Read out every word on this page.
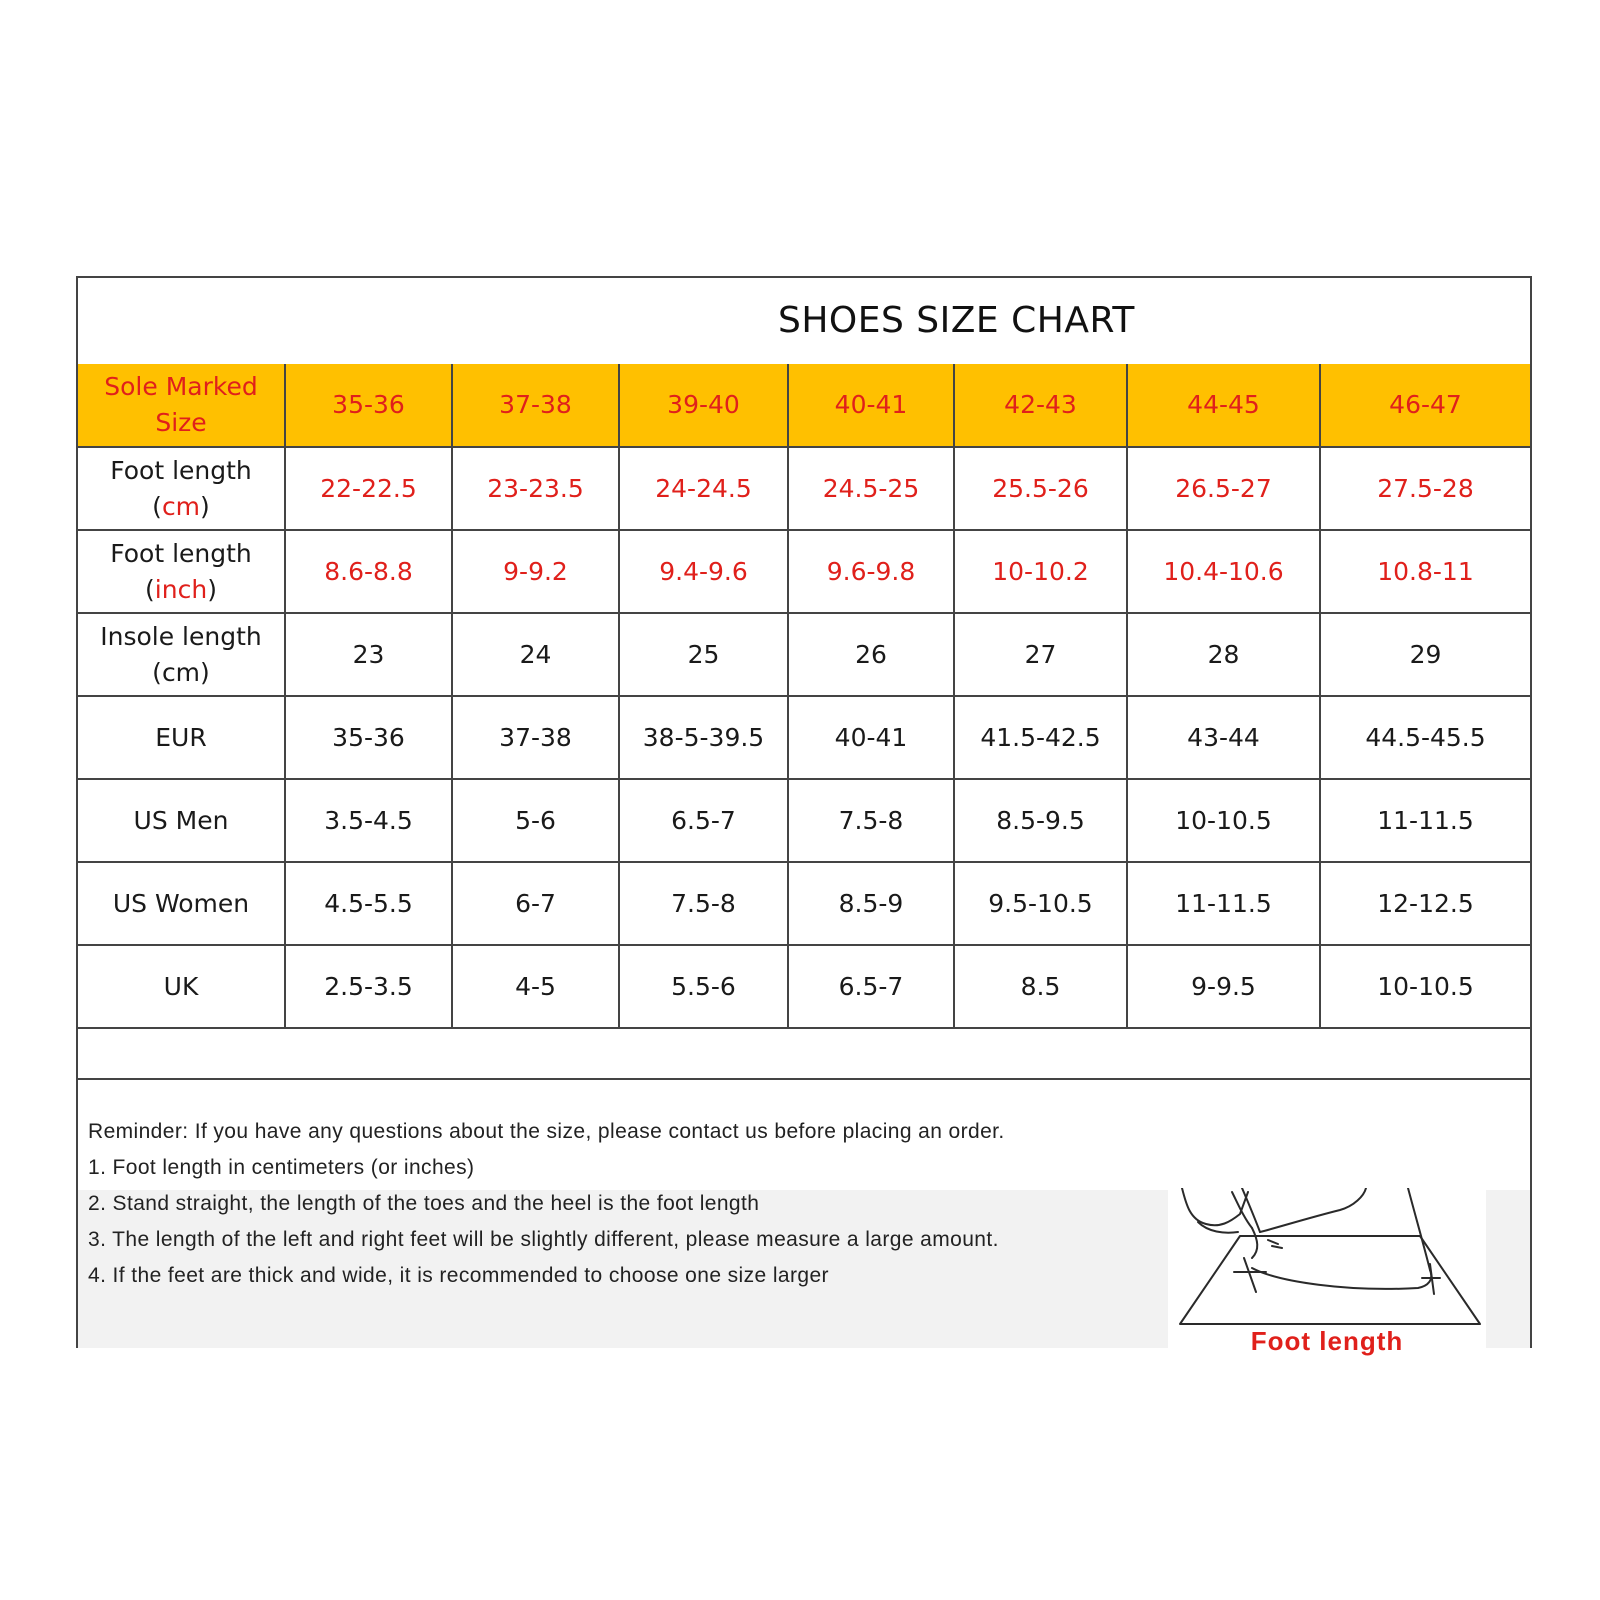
SHOES SIZE CHART
Sole Marked
Size	35-36	37-38	39-40	40-41	42-43	44-45	46-47
Foot length
(cm)	22-22.5	23-23.5	24-24.5	24.5-25	25.5-26	26.5-27	27.5-28
Foot length
(inch)	8.6-8.8	9-9.2	9.4-9.6	9.6-9.8	10-10.2	10.4-10.6	10.8-11
Insole length
(cm)	23	24	25	26	27	28	29
EUR	35-36	37-38	38-5-39.5	40-41	41.5-42.5	43-44	44.5-45.5
US Men	3.5-4.5	5-6	6.5-7	7.5-8	8.5-9.5	10-10.5	11-11.5
US Women	4.5-5.5	6-7	7.5-8	8.5-9	9.5-10.5	11-11.5	12-12.5
UK	2.5-3.5	4-5	5.5-6	6.5-7	8.5	9-9.5	10-10.5
Reminder: If you have any questions about the size, please contact us before placing an order.
1. Foot length in centimeters (or inches)
2. Stand straight, the length of the toes and the heel is the foot length
3. The length of the left and right feet will be slightly different, please measure a large amount.
4. If the feet are thick and wide, it is recommended to choose one size larger
Foot length
